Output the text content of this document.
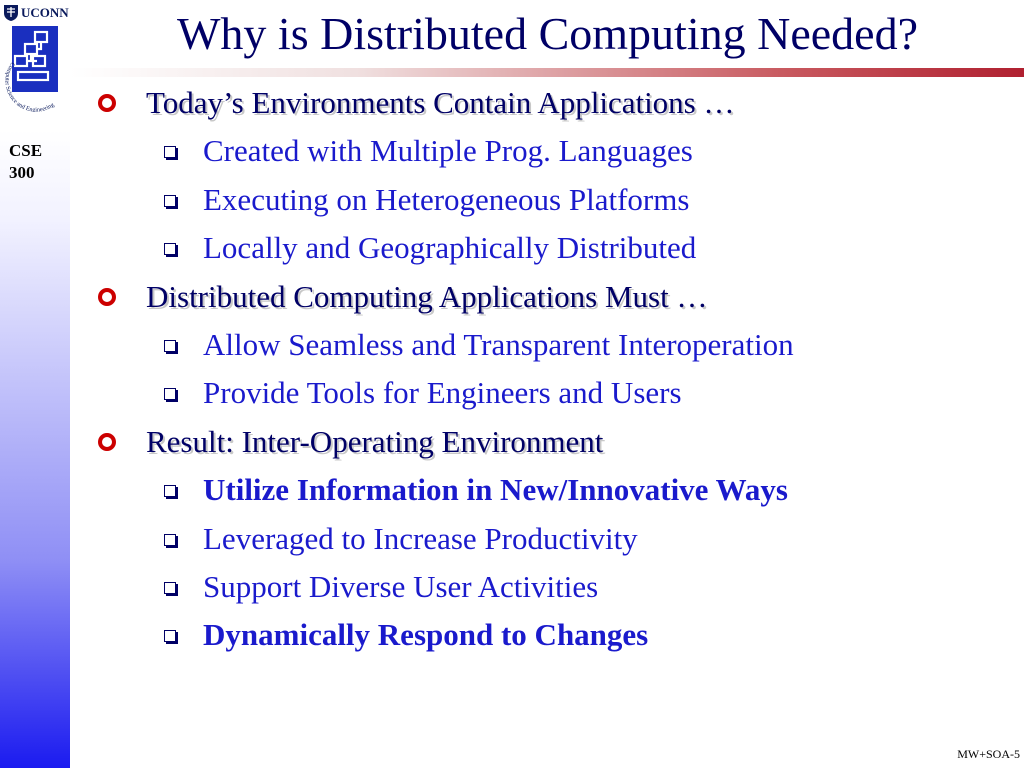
UCONN
Computer Science and Engineering
CSE
300
Why is Distributed Computing Needed?
Today’s Environments Contain Applications …
Created with Multiple Prog. Languages
Executing on Heterogeneous Platforms
Locally and Geographically Distributed
Distributed Computing Applications Must …
Allow Seamless and Transparent Interoperation
Provide Tools for Engineers and Users
Result: Inter-Operating Environment
Utilize Information in New/Innovative Ways
Leveraged to Increase Productivity
Support Diverse User Activities
Dynamically Respond to Changes
MW+SOA-5
